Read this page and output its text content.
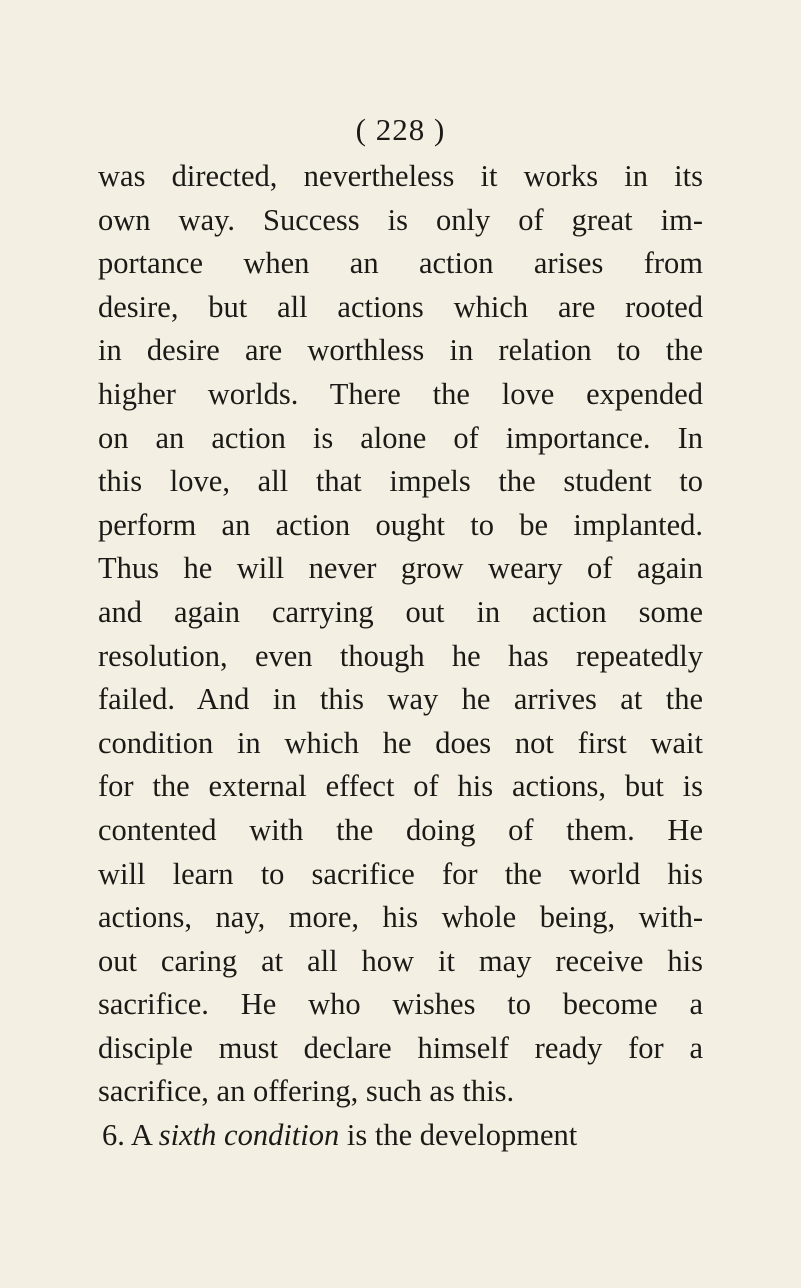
( 228 )
was directed, nevertheless it works in its
own way. Success is only of great im-
portance when an action arises from
desire, but all actions which are rooted
in desire are worthless in relation to the
higher worlds. There the love expended
on an action is alone of importance. In
this love, all that impels the student to
perform an action ought to be implanted.
Thus he will never grow weary of again
and again carrying out in action some
resolution, even though he has repeatedly
failed. And in this way he arrives at the
condition in which he does not first wait
for the external effect of his actions, but is
contented with the doing of them. He
will learn to sacrifice for the world his
actions, nay, more, his whole being, with-
out caring at all how it may receive his
sacrifice. He who wishes to become a
disciple must declare himself ready for a
sacrifice, an offering, such as this.
6. A sixth condition is the development
